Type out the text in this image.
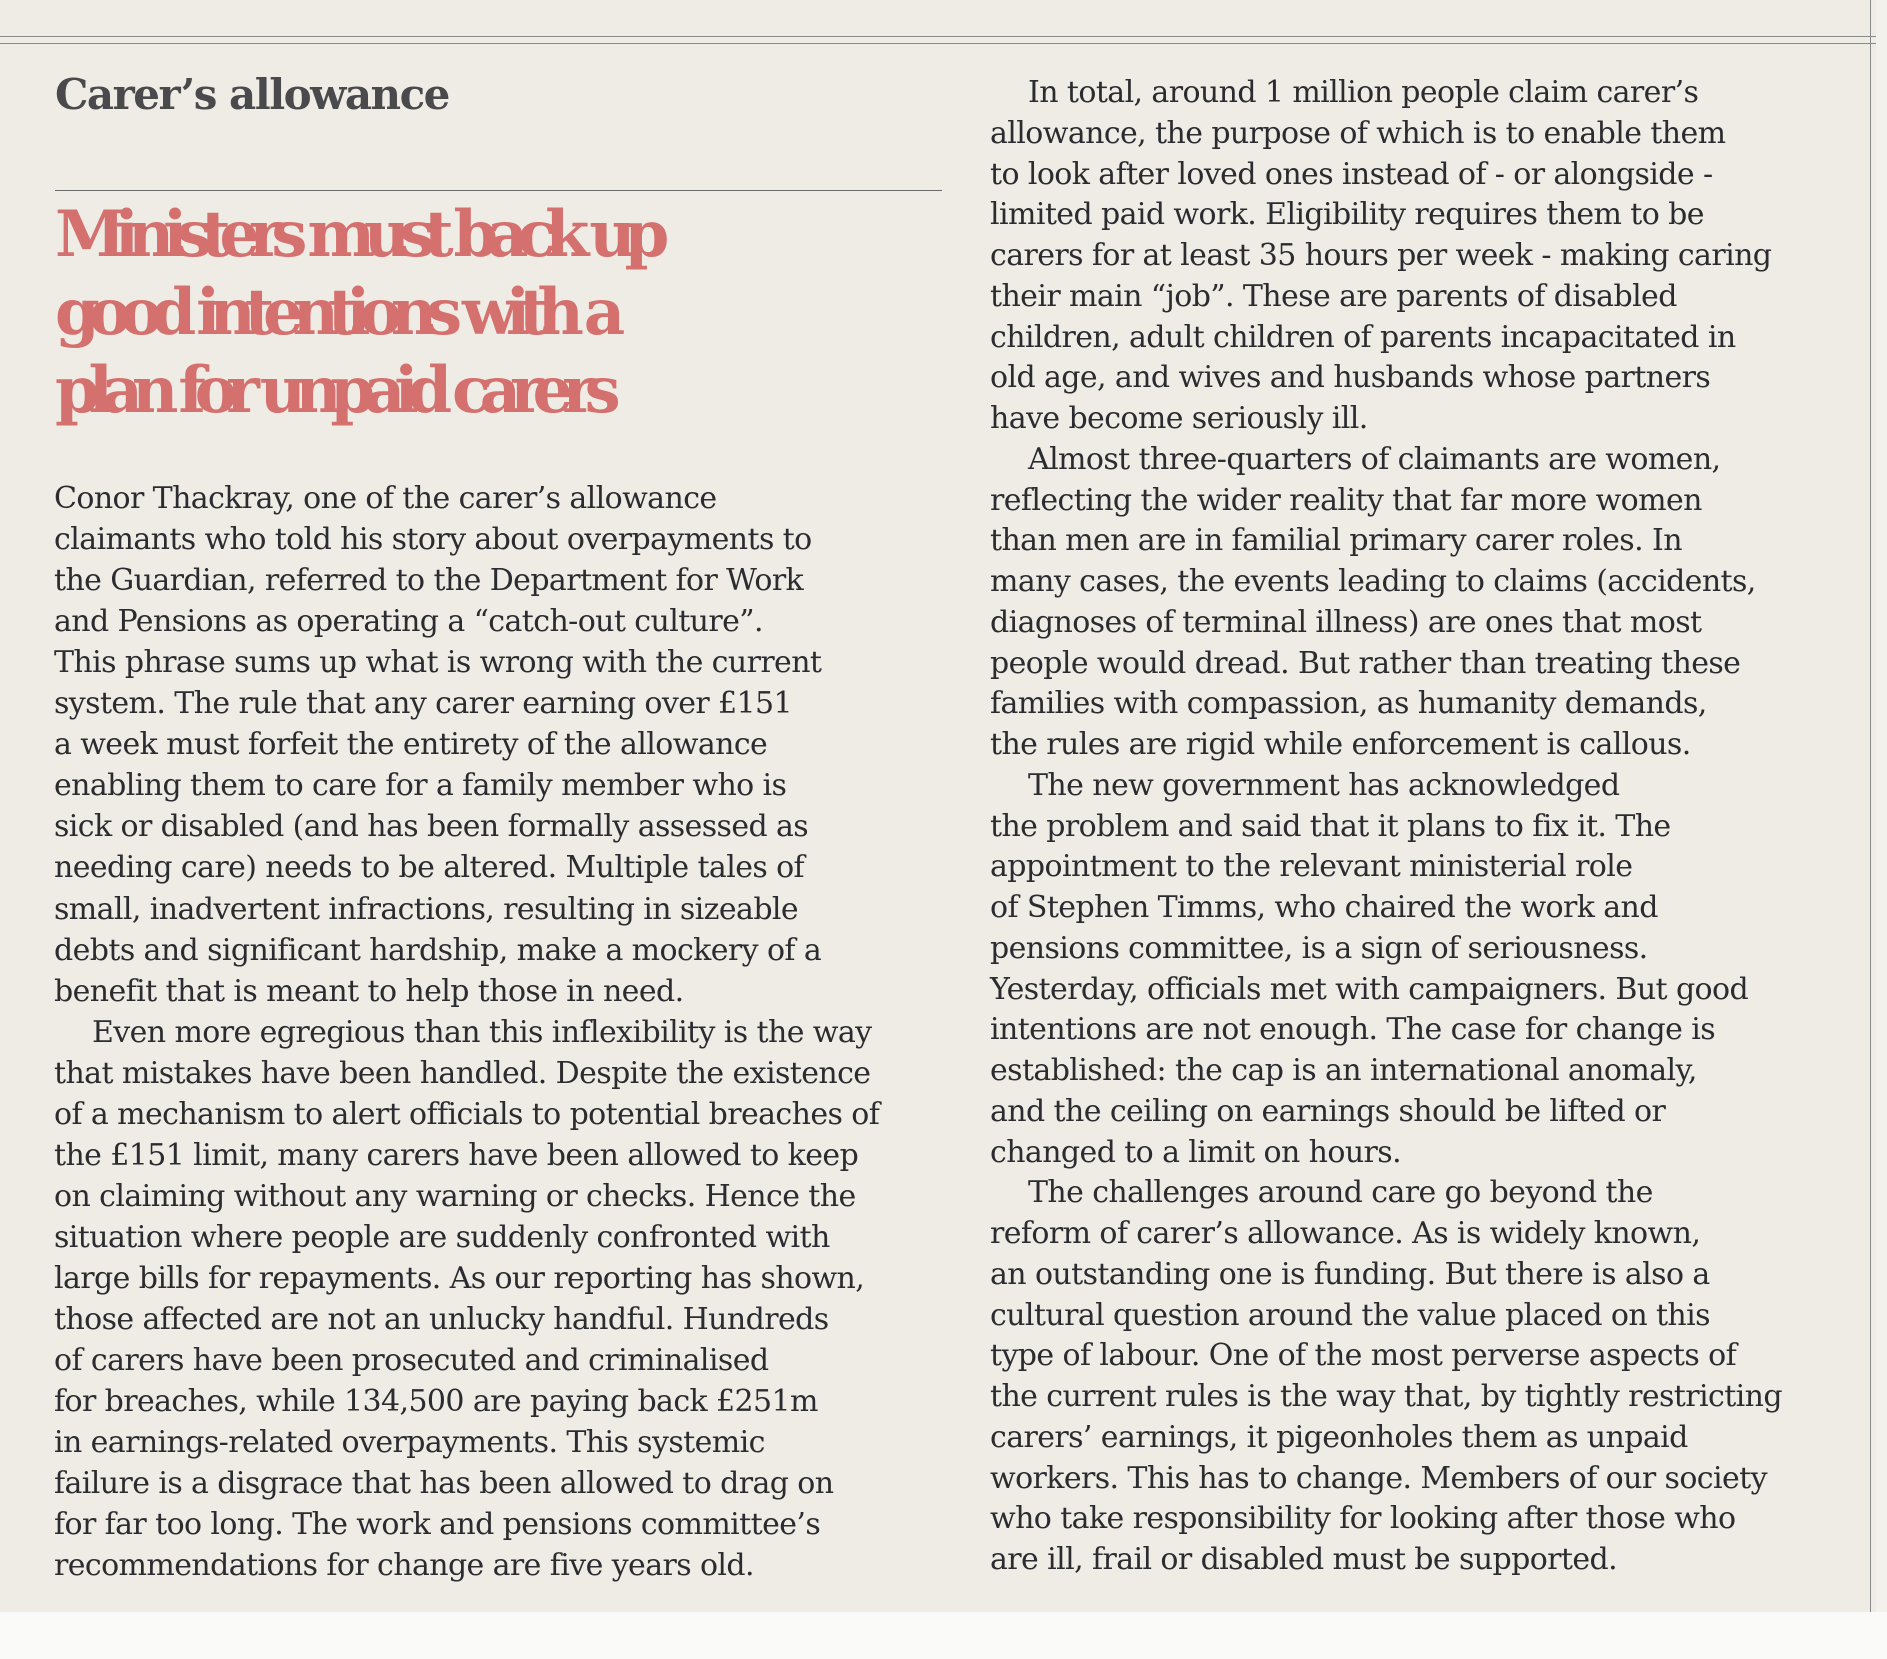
Carer’s allowance
Ministers must back up
good intentions with a
plan for unpaid carers
Conor Thackray, one of the carer’s allowance
claimants who told his story about overpayments to
the Guardian, referred to the Department for Work
and Pensions as operating a “catch-out culture”.
This phrase sums up what is wrong with the current
system. The rule that any carer earning over £151
a week must forfeit the entirety of the allowance
enabling them to care for a family member who is
sick or disabled (and has been formally assessed as
needing care) needs to be altered. Multiple tales of
small, inadvertent infractions, resulting in sizeable
debts and significant hardship, make a mockery of a
benefit that is meant to help those in need.
Even more egregious than this inflexibility is the way
that mistakes have been handled. Despite the existence
of a mechanism to alert officials to potential breaches of
the £151 limit, many carers have been allowed to keep
on claiming without any warning or checks. Hence the
situation where people are suddenly confronted with
large bills for repayments. As our reporting has shown,
those affected are not an unlucky handful. Hundreds
of carers have been prosecuted and criminalised
for breaches, while 134,500 are paying back £251m
in earnings-related overpayments. This systemic
failure is a disgrace that has been allowed to drag on
for far too long. The work and pensions committee’s
recommendations for change are five years old.
In total, around 1 million people claim carer’s
allowance, the purpose of which is to enable them
to look after loved ones instead of - or alongside -
limited paid work. Eligibility requires them to be
carers for at least 35 hours per week - making caring
their main “job”. These are parents of disabled
children, adult children of parents incapacitated in
old age, and wives and husbands whose partners
have become seriously ill.
Almost three-quarters of claimants are women,
reflecting the wider reality that far more women
than men are in familial primary carer roles. In
many cases, the events leading to claims (accidents,
diagnoses of terminal illness) are ones that most
people would dread. But rather than treating these
families with compassion, as humanity demands,
the rules are rigid while enforcement is callous.
The new government has acknowledged
the problem and said that it plans to fix it. The
appointment to the relevant ministerial role
of Stephen Timms, who chaired the work and
pensions committee, is a sign of seriousness.
Yesterday, officials met with campaigners. But good
intentions are not enough. The case for change is
established: the cap is an international anomaly,
and the ceiling on earnings should be lifted or
changed to a limit on hours.
The challenges around care go beyond the
reform of carer’s allowance. As is widely known,
an outstanding one is funding. But there is also a
cultural question around the value placed on this
type of labour. One of the most perverse aspects of
the current rules is the way that, by tightly restricting
carers’ earnings, it pigeonholes them as unpaid
workers. This has to change. Members of our society
who take responsibility for looking after those who
are ill, frail or disabled must be supported.
